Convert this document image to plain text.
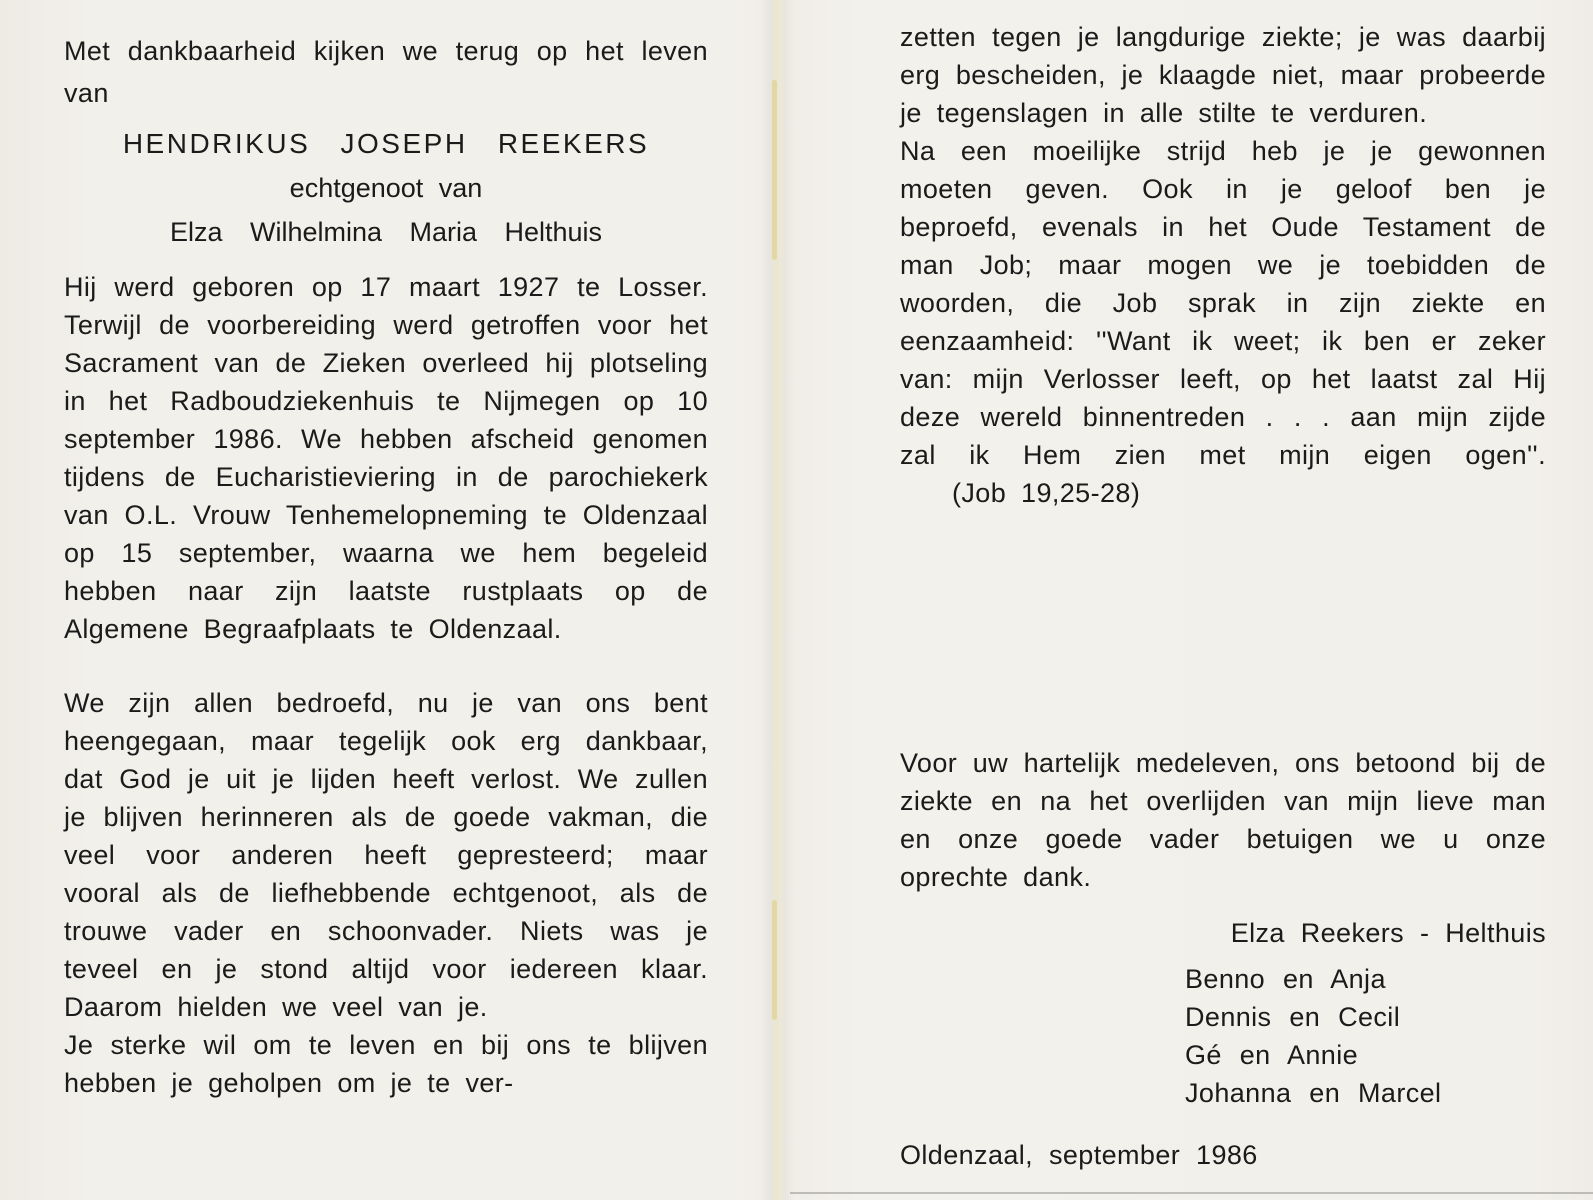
Met dankbaarheid kijken we terug op het leven van

HENDRIKUS JOSEPH REEKERS
echtgenoot van
Elza Wilhelmina Maria Helthuis

Hij werd geboren op 17 maart 1927 te Losser. Terwijl de voorbereiding werd getroffen voor het Sacrament van de Zieken overleed hij plotseling in het Radboudziekenhuis te Nijmegen op 10 september 1986. We hebben afscheid genomen tijdens de Eucharistieviering in de parochiekerk van O.L. Vrouw Tenhemelopneming te Oldenzaal op 15 september, waarna we hem begeleid hebben naar zijn laatste rustplaats op de Algemene Begraafplaats te Oldenzaal.

We zijn allen bedroefd, nu je van ons bent heengegaan, maar tegelijk ook erg dankbaar, dat God je uit je lijden heeft verlost. We zullen je blijven herinneren als de goede vakman, die veel voor anderen heeft gepresteerd; maar vooral als de liefhebbende echtgenoot, als de trouwe vader en schoonvader. Niets was je teveel en je stond altijd voor iedereen klaar. Daarom hielden we veel van je.

Je sterke wil om te leven en bij ons te blijven hebben je geholpen om je te ver-

zetten tegen je langdurige ziekte; je was daarbij erg bescheiden, je klaagde niet, maar probeerde je tegenslagen in alle stilte te verduren.

Na een moeilijke strijd heb je je gewonnen moeten geven. Ook in je geloof ben je beproefd, evenals in het Oude Testament de man Job; maar mogen we je toebidden de woorden, die Job sprak in zijn ziekte en eenzaamheid: ''Want ik weet; ik ben er zeker van: mijn Verlosser leeft, op het laatst zal Hij deze wereld binnentreden . . . aan mijn zijde zal ik Hem zien met mijn eigen ogen''.(Job 19,25-28)

Voor uw hartelijk medeleven, ons betoond bij de ziekte en na het overlijden van mijn lieve man en onze goede vader betuigen we u onze oprechte dank.

Elza Reekers - Helthuis
Benno en Anja
Dennis en Cecil
Gé en Annie
Johanna en Marcel
Oldenzaal, september 1986
